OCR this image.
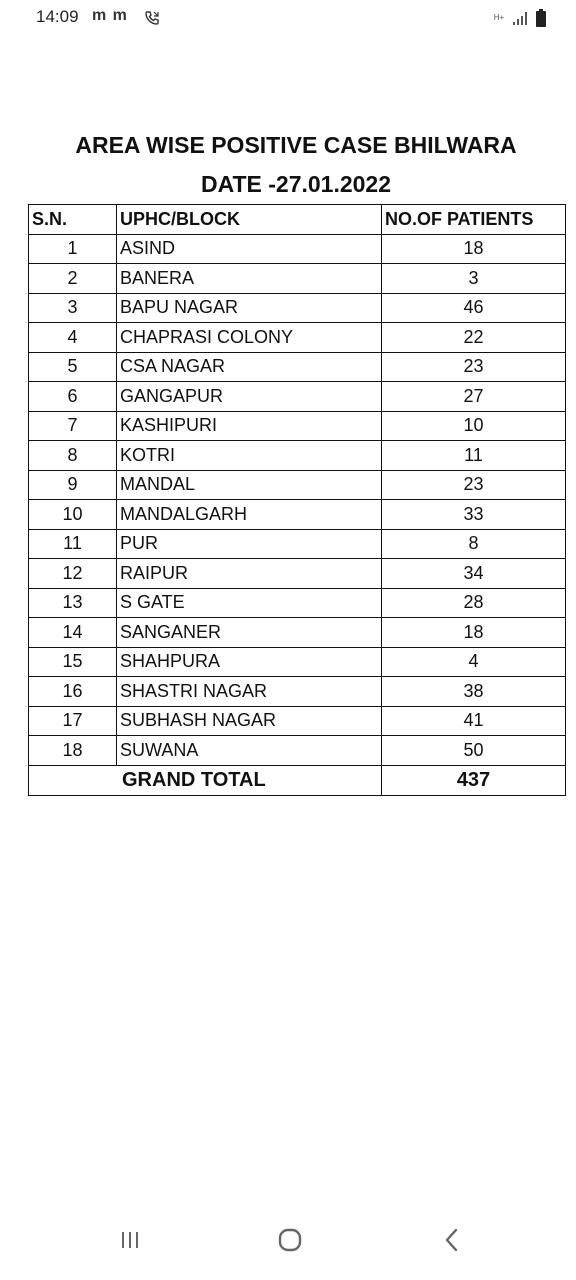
14:09 m m	H+
AREA WISE POSITIVE CASE BHILWARA
DATE -27.01.2022
S.N.	UPHC/BLOCK	NO.OF PATIENTS
1	ASIND	18
2	BANERA	3
3	BAPU NAGAR	46
4	CHAPRASI COLONY	22
5	CSA NAGAR	23
6	GANGAPUR	27
7	KASHIPURI	10
8	KOTRI	11
9	MANDAL	23
10	MANDALGARH	33
11	PUR	8
12	RAIPUR	34
13	S GATE	28
14	SANGANER	18
15	SHAHPURA	4
16	SHASTRI NAGAR	38
17	SUBHASH NAGAR	41
18	SUWANA	50
GRAND TOTAL		437
